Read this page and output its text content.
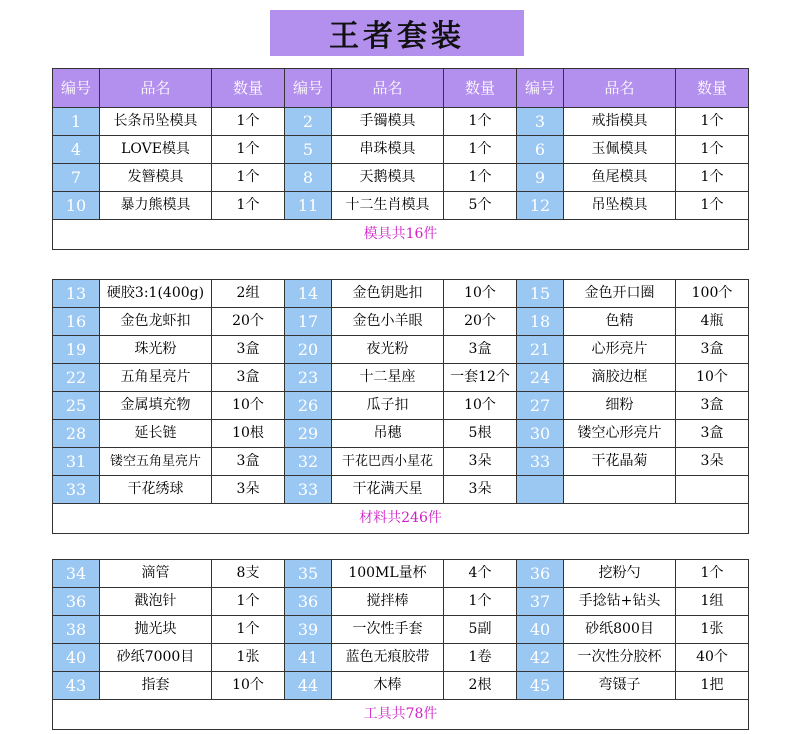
王者套装
编号	品名	数量	编号	品名	数量	编号	品名	数量
1	长条吊坠模具	1个	2	手镯模具	1个	3	戒指模具	1个
4	LOVE模具	1个	5	串珠模具	1个	6	玉佩模具	1个
7	发簪模具	1个	8	天鹅模具	1个	9	鱼尾模具	1个
10	暴力熊模具	1个	11	十二生肖模具	5个	12	吊坠模具	1个
模具共16件								
13	硬胶3:1(400g)	2组	14	金色钥匙扣	10个	15	金色开口圈	100个
16	金色龙虾扣	20个	17	金色小羊眼	20个	18	色精	4瓶
19	珠光粉	3盒	20	夜光粉	3盒	21	心形亮片	3盒
22	五角星亮片	3盒	23	十二星座	一套12个	24	滴胶边框	10个
25	金属填充物	10个	26	瓜子扣	10个	27	细粉	3盒
28	延长链	10根	29	吊穗	5根	30	镂空心形亮片	3盒
31	镂空五角星亮片	3盒	32	干花巴西小星花	3朵	33	干花晶菊	3朵
33	干花绣球	3朵	33	干花满天星	3朵			
材料共246件								
34	滴管	8支	35	100ML量杯	4个	36	挖粉勺	1个
36	戳泡针	1个	36	搅拌棒	1个	37	手捻钻+钻头	1组
38	抛光块	1个	39	一次性手套	5副	40	砂纸800目	1张
40	砂纸7000目	1张	41	蓝色无痕胶带	1卷	42	一次性分胶杯	40个
43	指套	10个	44	木棒	2根	45	弯镊子	1把
工具共78件								
